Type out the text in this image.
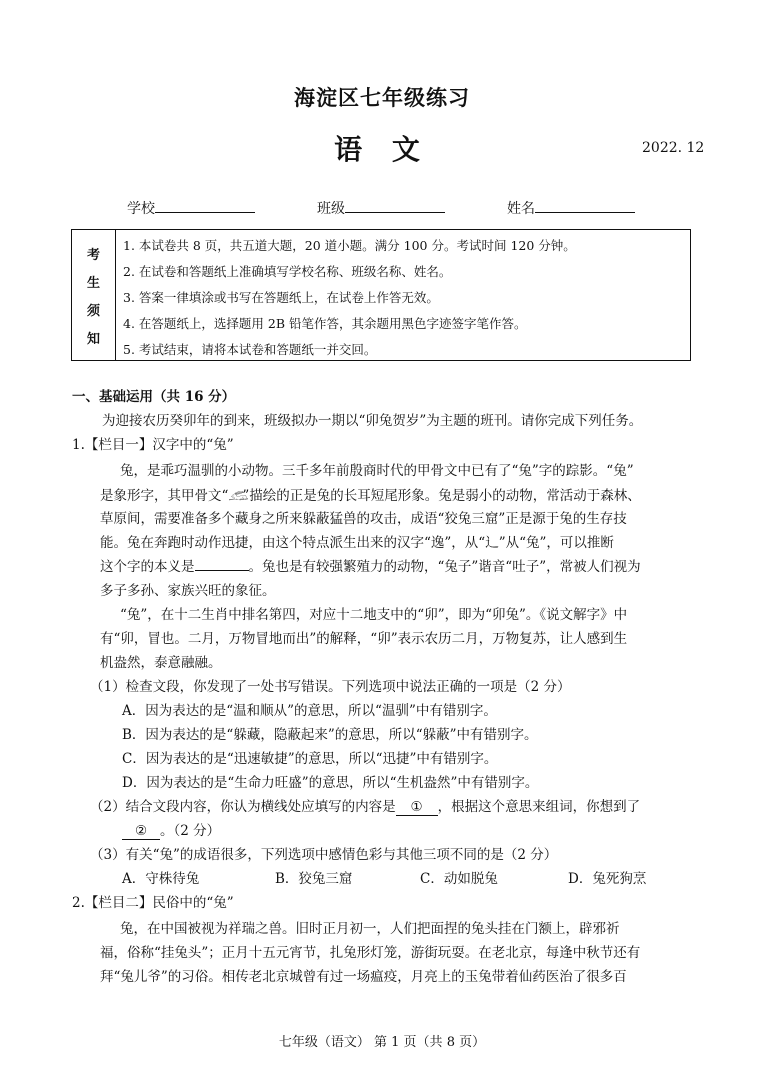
海淀区七年级练习
语 文	2022. 12
学校	班级	姓名
考
生
须
知
1. 本试卷共 8 页，共五道大题，20 道小题。满分 100 分。考试时间 120 分钟。
2. 在试卷和答题纸上准确填写学校名称、班级名称、姓名。
3. 答案一律填涂或书写在答题纸上，在试卷上作答无效。
4. 在答题纸上，选择题用 2B 铅笔作答，其余题用黑色字迹签字笔作答。
5. 考试结束，请将本试卷和答题纸一并交回。
一、基础运用（共 16 分）
为迎接农历癸卯年的到来，班级拟办一期以“卯兔贺岁”为主题的班刊。请你完成下列任务。
1.【栏目一】汉字中的“兔”
兔，是乖巧温驯的小动物。三千多年前殷商时代的甲骨文中已有了“兔”字的踪影。“兔”
是象形字，其甲骨文“𓃹”描绘的正是兔的长耳短尾形象。兔是弱小的动物，常活动于森林、
草原间，需要准备多个藏身之所来躲蔽猛兽的攻击，成语“狡兔三窟”正是源于兔的生存技
能。兔在奔跑时动作迅捷，由这个特点派生出来的汉字“逸”，从“辶”从“兔”，可以推断
这个字的本义是	。兔也是有较强繁殖力的动物，“兔子”谐音“吐子”，常被人们视为
多子多孙、家族兴旺的象征。
“兔”，在十二生肖中排名第四，对应十二地支中的“卯”，即为“卯兔”。《说文解字》中
有“卯，冒也。二月，万物冒地而出”的解释，“卯”表示农历二月，万物复苏，让人感到生
机盎然，泰意融融。
（1）检查文段，你发现了一处书写错误。下列选项中说法正确的一项是（2 分）
A．因为表达的是“温和顺从”的意思，所以“温驯”中有错别字。
B．因为表达的是“躲藏，隐蔽起来”的意思，所以“躲蔽”中有错别字。
C．因为表达的是“迅速敏捷”的意思，所以“迅捷”中有错别字。
D．因为表达的是“生命力旺盛”的意思，所以“生机盎然”中有错别字。
（2）结合文段内容，你认为横线处应填写的内容是 ① ，根据这个意思来组词，你想到了
② 。（2 分）
（3）有关“兔”的成语很多，下列选项中感情色彩与其他三项不同的是（2 分）
A．守株待兔	B．狡兔三窟	C．动如脱兔	D．兔死狗烹
2.【栏目二】民俗中的“兔”
兔，在中国被视为祥瑞之兽。旧时正月初一，人们把面捏的兔头挂在门额上，辟邪祈
福，俗称“挂兔头”；正月十五元宵节，扎兔形灯笼，游街玩耍。在老北京，每逢中秋节还有
拜“兔儿爷”的习俗。相传老北京城曾有过一场瘟疫，月亮上的玉兔带着仙药医治了很多百
七年级（语文） 第 1 页（共 8 页）
